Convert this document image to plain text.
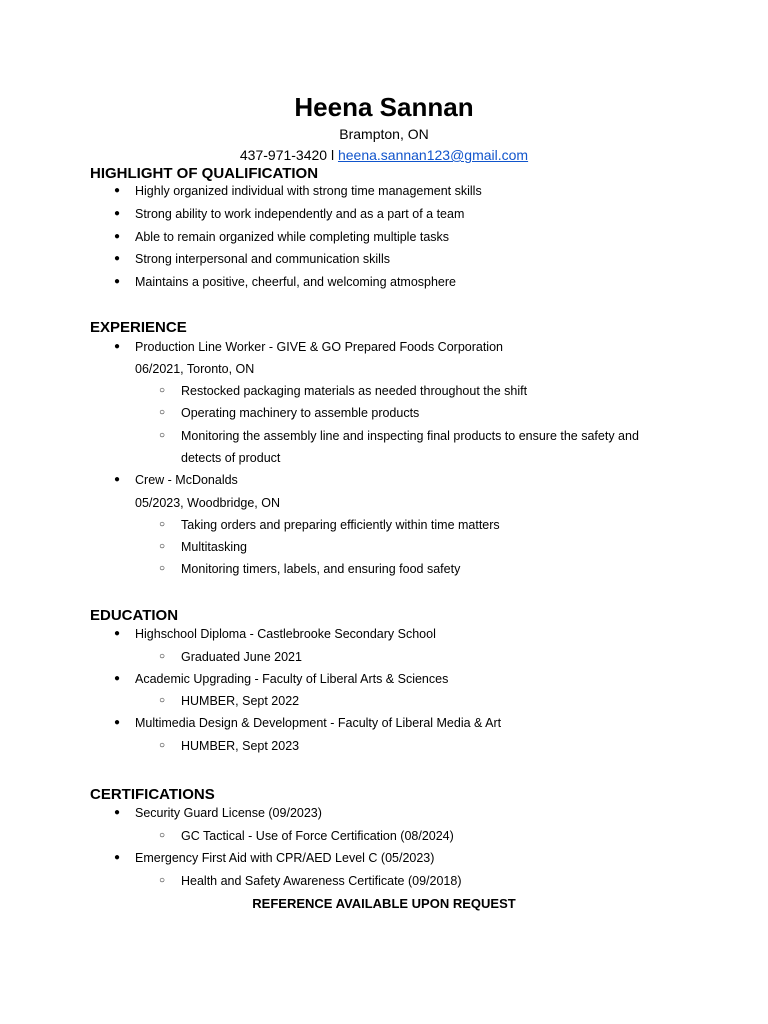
Heena Sannan
Brampton, ON
437-971-3420 l heena.sannan123@gmail.com
HIGHLIGHT OF QUALIFICATION
● Highly organized individual with strong time management skills
● Strong ability to work independently and as a part of a team
● Able to remain organized while completing multiple tasks
● Strong interpersonal and communication skills
● Maintains a positive, cheerful, and welcoming atmosphere
EXPERIENCE
● Production Line Worker - GIVE & GO Prepared Foods Corporation
06/2021, Toronto, ON
○ Restocked packaging materials as needed throughout the shift
○ Operating machinery to assemble products
○ Monitoring the assembly line and inspecting final products to ensure the safety and
detects of product
● Crew - McDonalds
05/2023, Woodbridge, ON
○ Taking orders and preparing efficiently within time matters
○ Multitasking
○ Monitoring timers, labels, and ensuring food safety
EDUCATION
● Highschool Diploma - Castlebrooke Secondary School
○ Graduated June 2021
● Academic Upgrading - Faculty of Liberal Arts & Sciences
○ HUMBER, Sept 2022
● Multimedia Design & Development - Faculty of Liberal Media & Art
○ HUMBER, Sept 2023
CERTIFICATIONS
● Security Guard License (09/2023)
○ GC Tactical - Use of Force Certification (08/2024)
● Emergency First Aid with CPR/AED Level C (05/2023)
○ Health and Safety Awareness Certificate (09/2018)
REFERENCE AVAILABLE UPON REQUEST
